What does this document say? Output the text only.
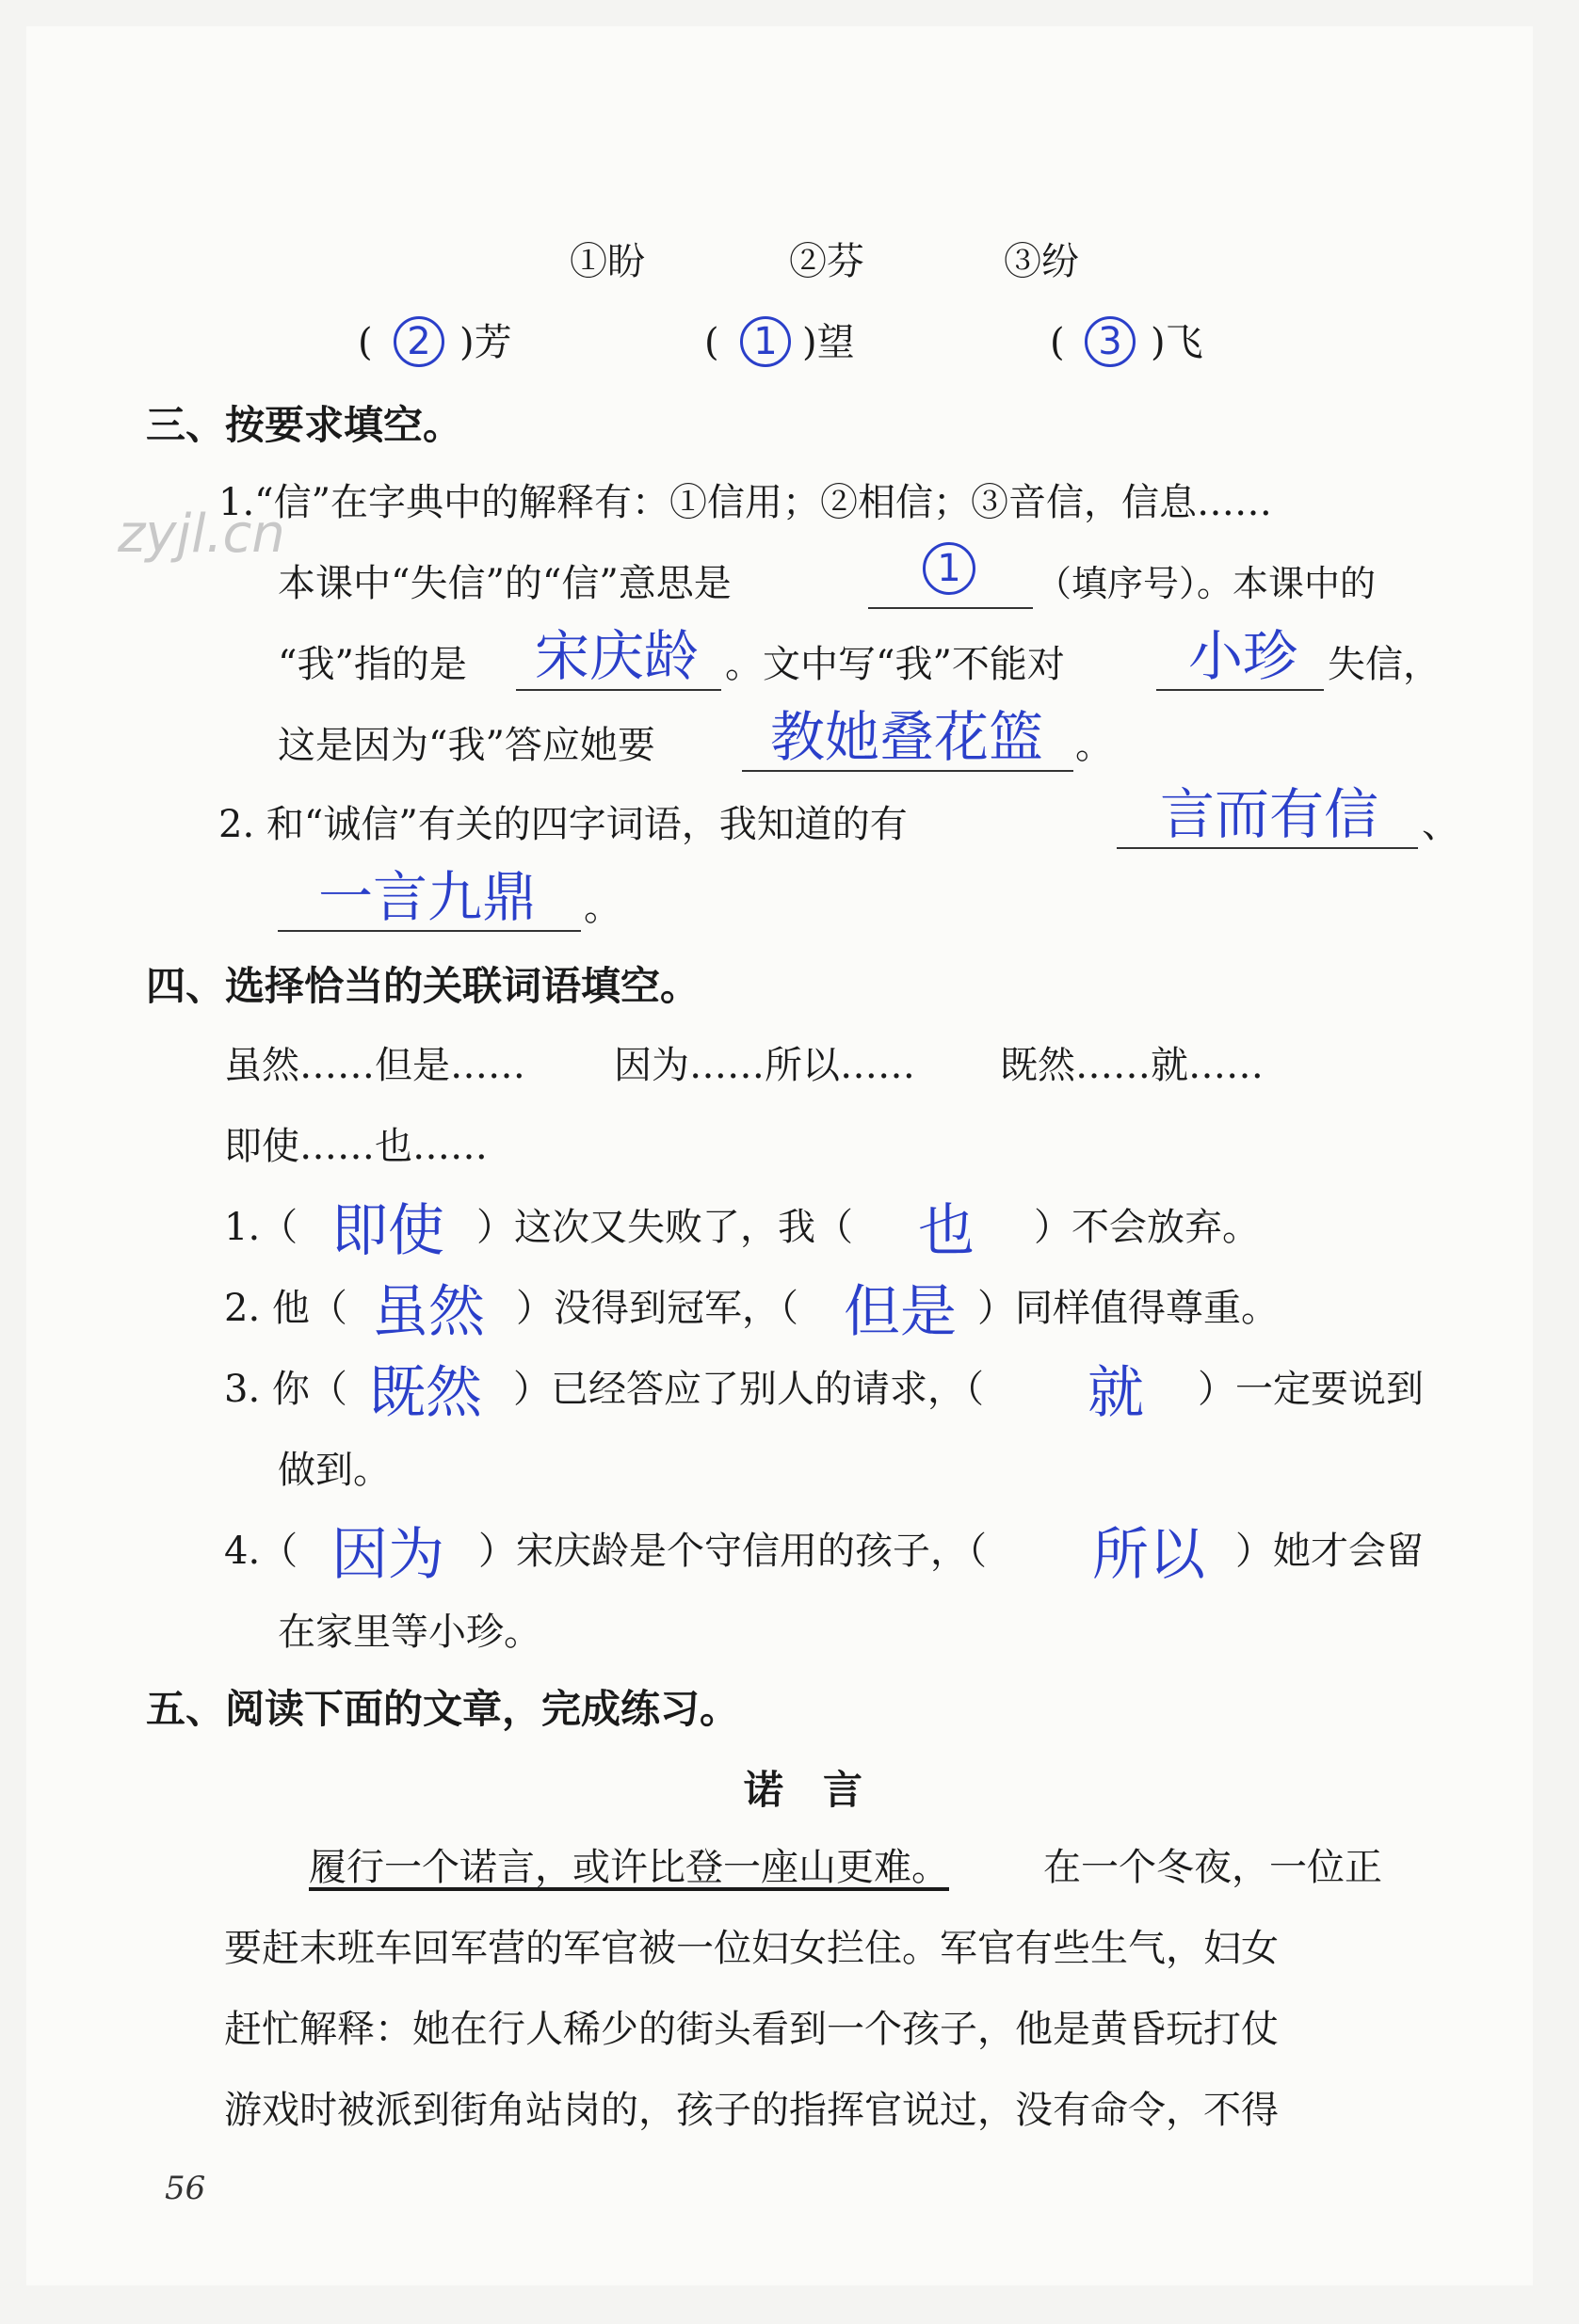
zyjl.cn
①盼	②芬	③纷
( 2 )芳	( 1 )望	( 3 )飞
三、按要求填空。
1.“信”在字典中的解释有：①信用；②相信；③音信，信息……
本课中“失信”的“信”意思是	1	（填序号）。本课中的
“我”指的是 宋庆龄 。文中写“我”不能对 小珍 失信，
这是因为“我”答应她要 教她叠花篮 。
2. 和“诚信”有关的四字词语，我知道的有	言而有信 、
一言九鼎 。
四、选择恰当的关联词语填空。
虽然……但是…… 因为……所以…… 既然……就……
即使……也……
1.（ 即使 ）这次又失败了，我（ 也 ）不会放弃。
2. 他（ 虽然 ）没得到冠军，（ 但是 ）同样值得尊重。
3. 你（ 既然 ）已经答应了别人的请求，（ 就 ）一定要说到
做到。
4.（ 因为 ）宋庆龄是个守信用的孩子，（ 所以 ）她才会留
在家里等小珍。
五、阅读下面的文章，完成练习。
诺　言
履行一个诺言，或许比登一座山更难。	在一个冬夜，一位正
要赶末班车回军营的军官被一位妇女拦住。军官有些生气，妇女
赶忙解释：她在行人稀少的街头看到一个孩子，他是黄昏玩打仗
游戏时被派到街角站岗的，孩子的指挥官说过，没有命令，不得
56
